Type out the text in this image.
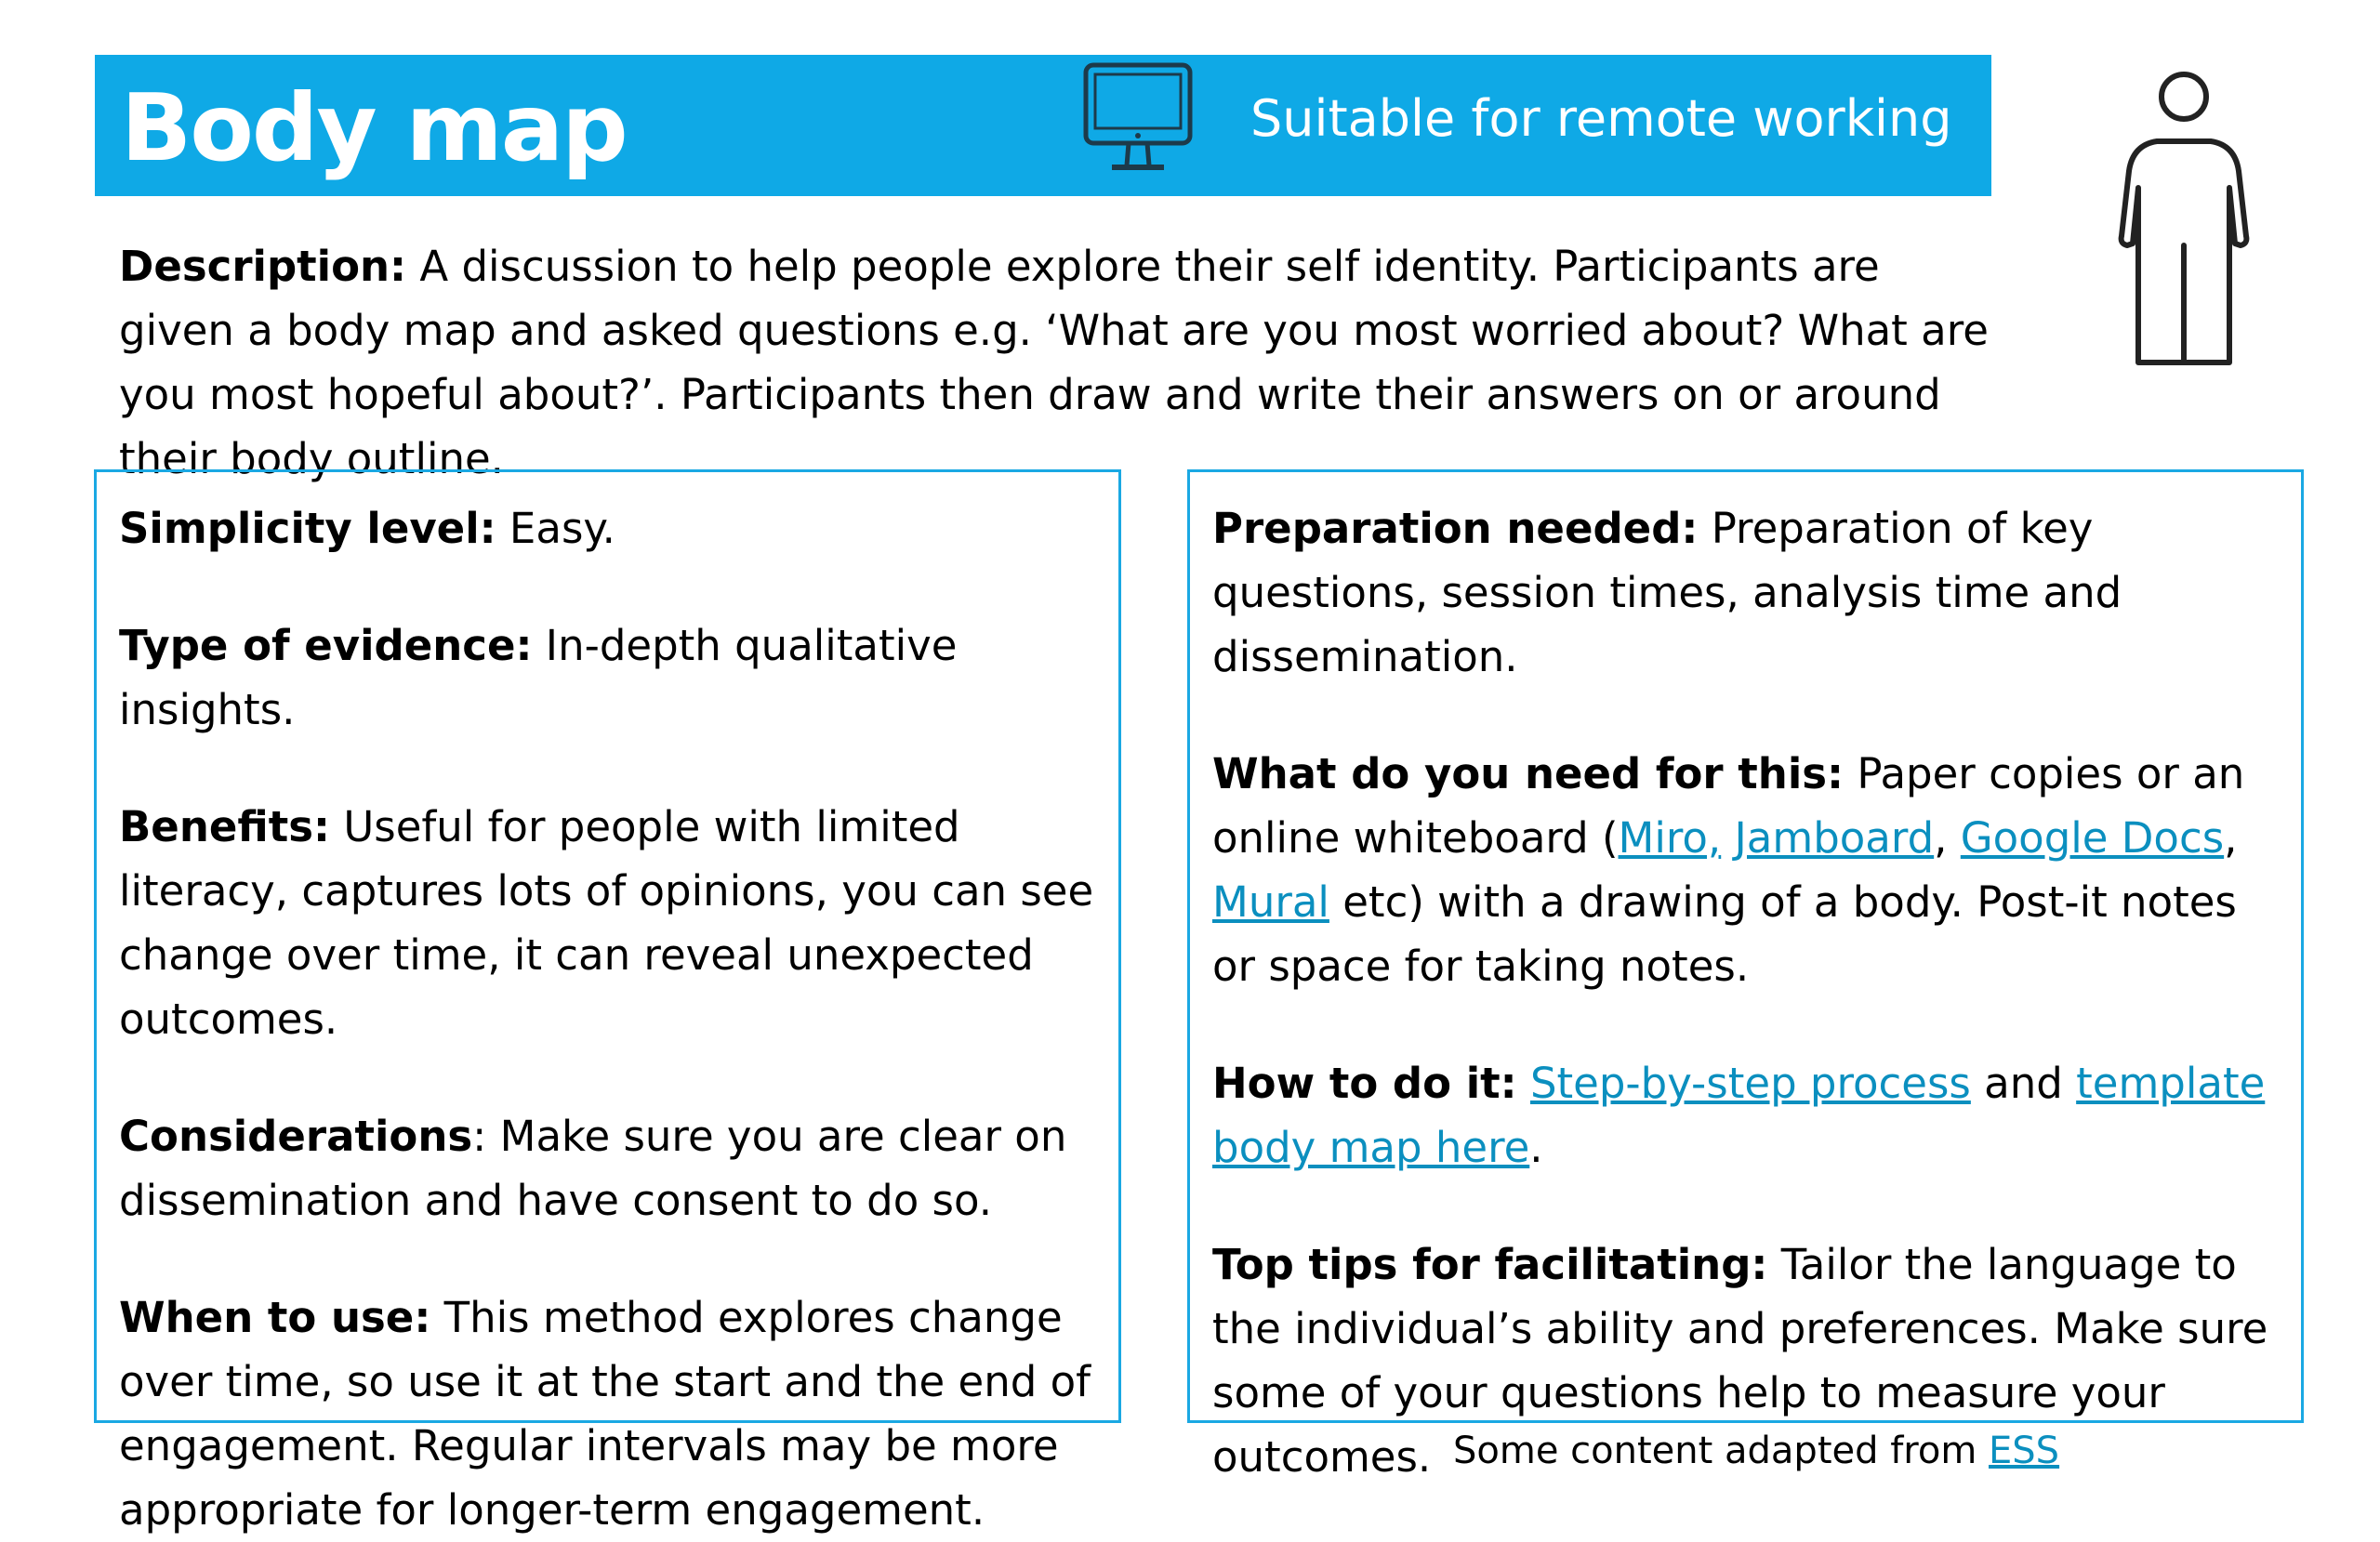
Body map	Suitable for remote working

Description: A discussion to help people explore their self identity. Participants are given a body map and asked questions e.g. ‘What are you most worried about? What are you most hopeful about?’. Participants then draw and write their answers on or around their body outline.

Simplicity level: Easy.

Type of evidence: In-depth qualitative insights.

Benefits: Useful for people with limited literacy, captures lots of opinions, you can see change over time, it can reveal unexpected outcomes.

Considerations: Make sure you are clear on dissemination and have consent to do so.

When to use: This method explores change over time, so use it at the start and the end of engagement. Regular intervals may be more appropriate for longer-term engagement.

Preparation needed: Preparation of key questions, session times, analysis time and dissemination.

What do you need for this: Paper copies or an online whiteboard (Miro, Jamboard, Google Docs, Mural etc) with a drawing of a body. Post-it notes or space for taking notes.

How to do it: Step-by-step process and template body map here.

Top tips for facilitating: Tailor the language to the individual’s ability and preferences. Make sure some of your questions help to measure your outcomes. Some content adapted from ESS
